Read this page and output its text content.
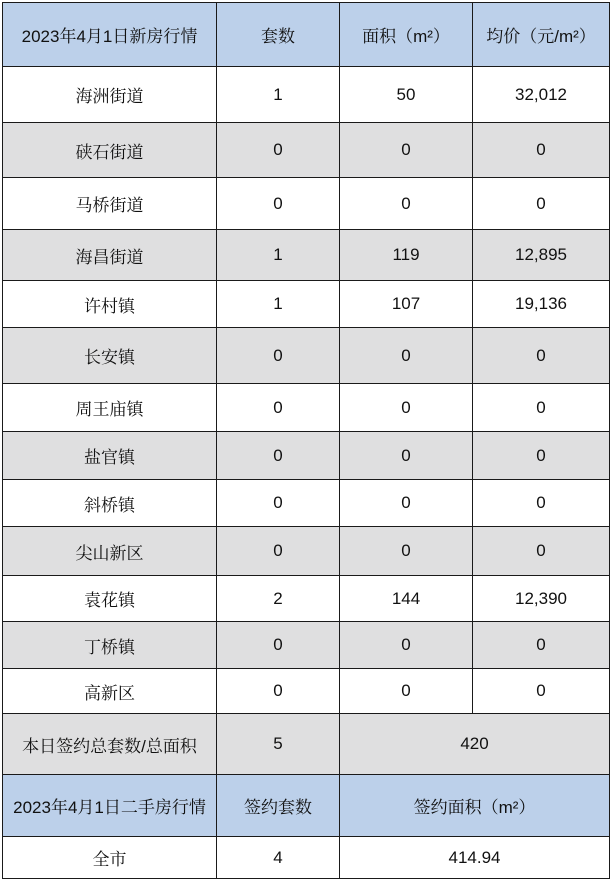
2023年4月1日新房行情	套数	面积（m²）	均价（元/m²）
海洲街道	1	50	32,012
硖石街道	0	0	0
马桥街道	0	0	0
海昌街道	1	119	12,895
许村镇	1	107	19,136
长安镇	0	0	0
周王庙镇	0	0	0
盐官镇	0	0	0
斜桥镇	0	0	0
尖山新区	0	0	0
袁花镇	2	144	12,390
丁桥镇	0	0	0
高新区	0	0	0
本日签约总套数/总面积	5	420	
2023年4月1日二手房行情	签约套数	签约面积（m²）	
全市	4	414.94	
